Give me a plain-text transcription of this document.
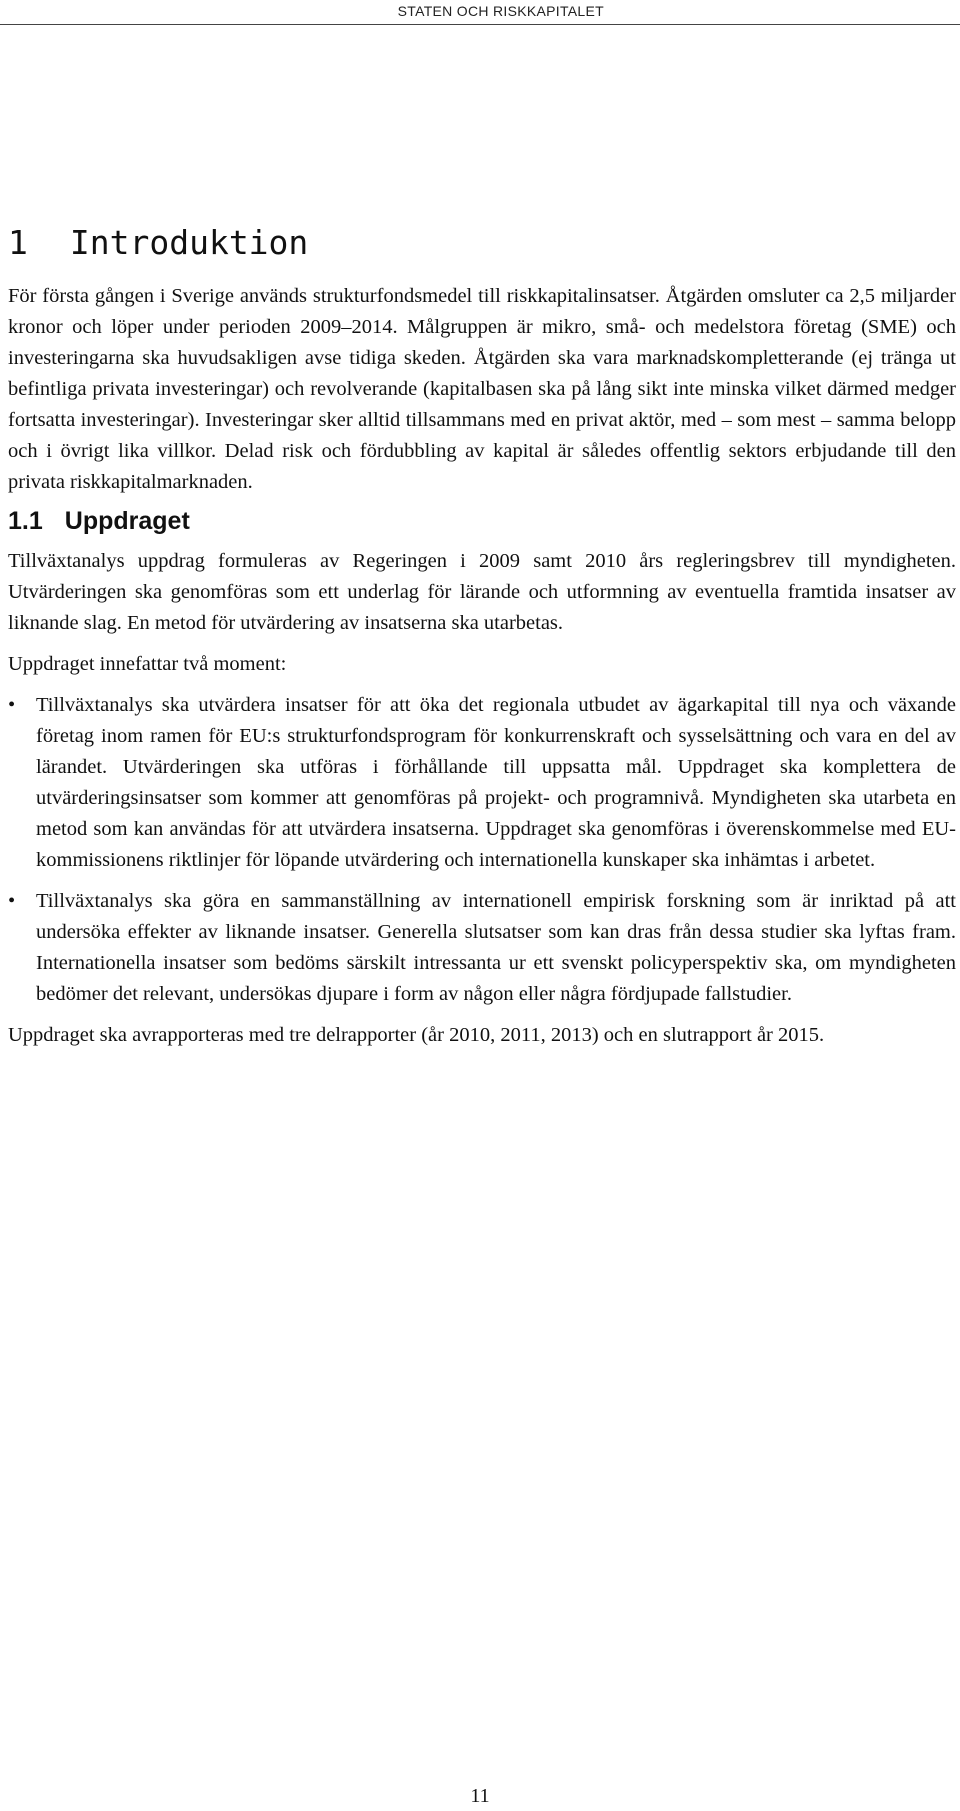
STATEN OCH RISKKAPITALET
1 Introduktion

För första gången i Sverige används strukturfondsmedel till riskkapitalinsatser. Åtgärden omsluter ca 2,5 miljarder kronor och löper under perioden 2009–2014. Målgruppen är mikro, små- och medelstora företag (SME) och investeringarna ska huvudsakligen avse tidiga skeden. Åtgärden ska vara marknadskompletterande (ej tränga ut befintliga privata investeringar) och revolverande (kapitalbasen ska på lång sikt inte minska vilket därmed medger fortsatta investeringar). Investeringar sker alltid tillsammans med en privat aktör, med – som mest – samma belopp och i övrigt lika villkor. Delad risk och fördubbling av kapital är således offentlig sektors erbjudande till den privata riskkapitalmarknaden.

1.1 Uppdraget

Tillväxtanalys uppdrag formuleras av Regeringen i 2009 samt 2010 års regleringsbrev till myndigheten. Utvärderingen ska genomföras som ett underlag för lärande och utformning av eventuella framtida insatser av liknande slag. En metod för utvärdering av insatserna ska utarbetas.

Uppdraget innefattar två moment:

• Tillväxtanalys ska utvärdera insatser för att öka det regionala utbudet av ägarkapital till nya och växande företag inom ramen för EU:s strukturfondsprogram för konkurrenskraft och sysselsättning och vara en del av lärandet. Utvärderingen ska utföras i förhållande till uppsatta mål. Uppdraget ska komplettera de utvärderingsinsatser som kommer att genomföras på projekt- och programnivå. Myndigheten ska utarbeta en metod som kan användas för att utvärdera insatserna. Uppdraget ska genomföras i överenskommelse med EU-kommissionens riktlinjer för löpande utvärdering och internationella kunskaper ska inhämtas i arbetet.
• Tillväxtanalys ska göra en sammanställning av internationell empirisk forskning som är inriktad på att undersöka effekter av liknande insatser. Generella slutsatser som kan dras från dessa studier ska lyftas fram. Internationella insatser som bedöms särskilt intressanta ur ett svenskt policyperspektiv ska, om myndigheten bedömer det relevant, undersökas djupare i form av någon eller några fördjupade fallstudier.

Uppdraget ska avrapporteras med tre delrapporter (år 2010, 2011, 2013) och en slutrapport år 2015.

11
